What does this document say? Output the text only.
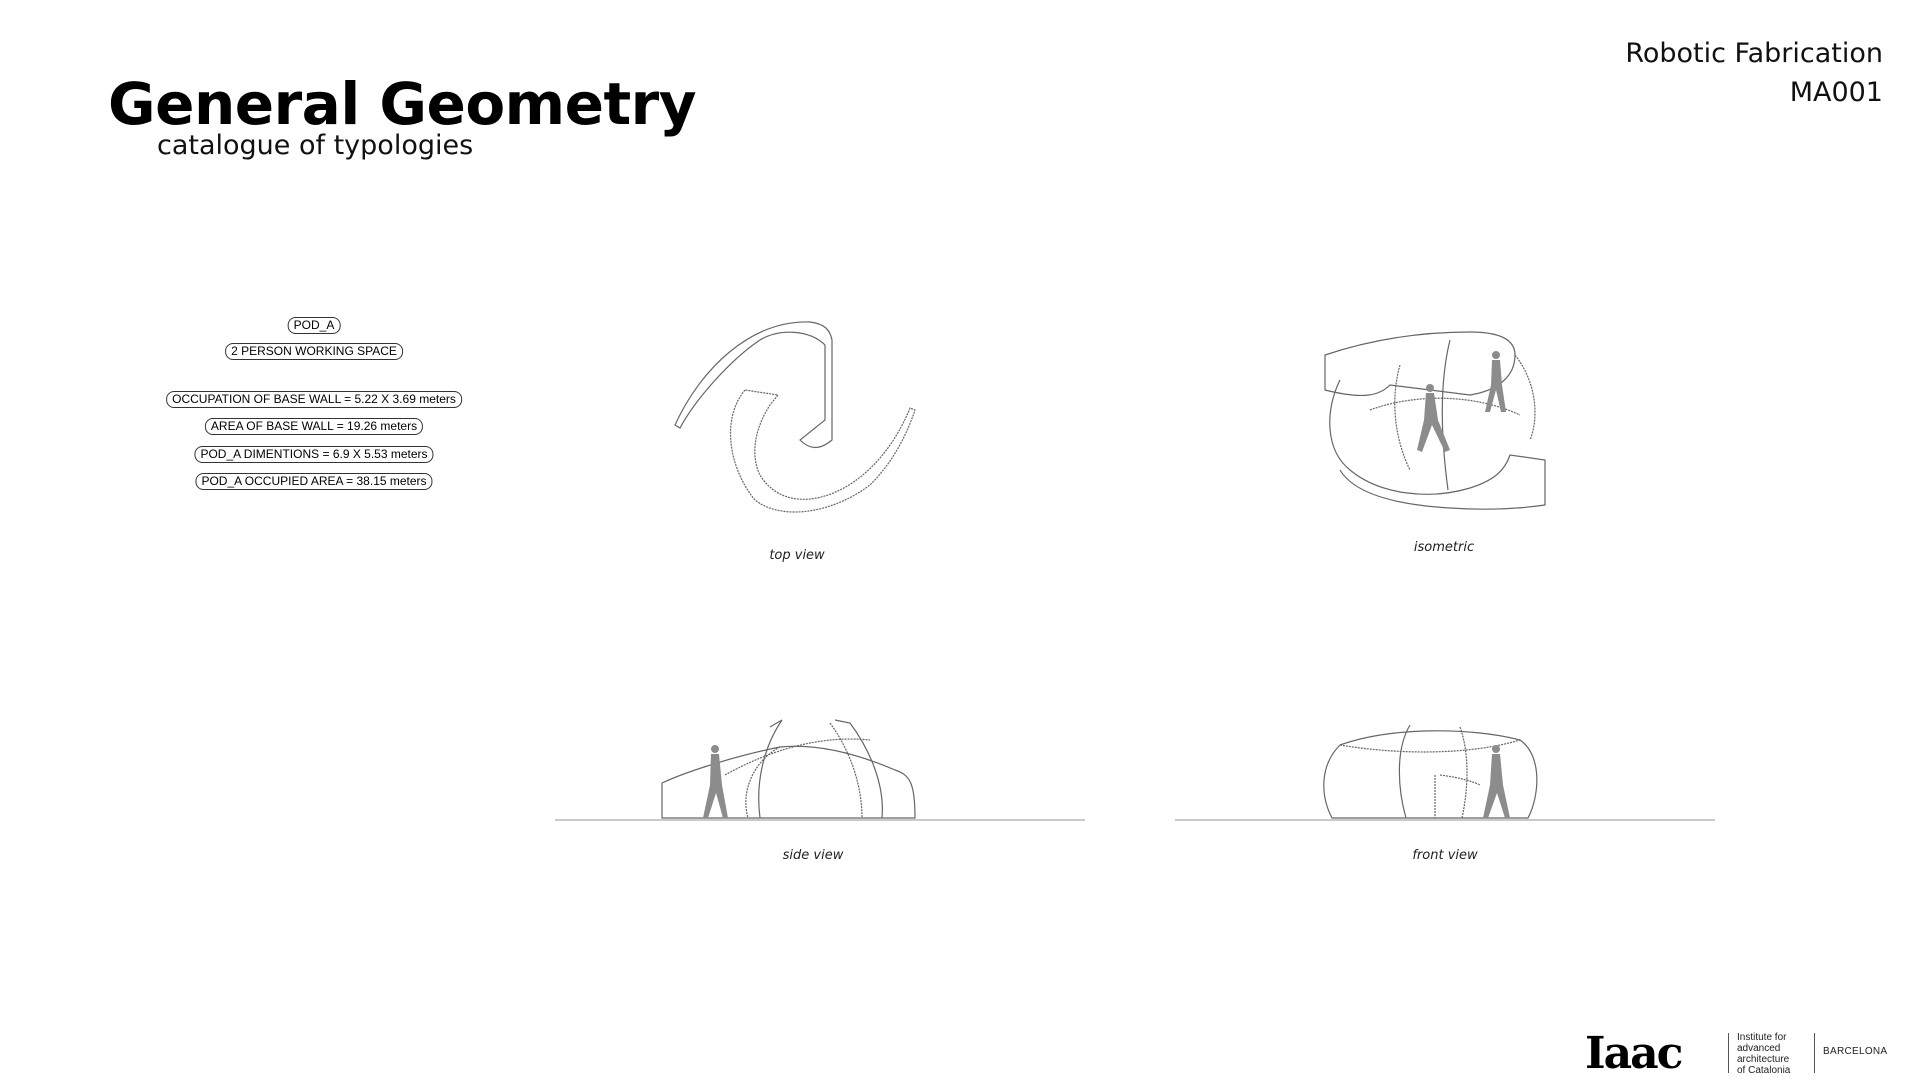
General Geometry
catalogue of typologies
Robotic Fabrication
MA001
POD_A
2 PERSON WORKING SPACE
OCCUPATION OF BASE WALL = 5.22 X 3.69 meters
AREA OF BASE WALL = 19.26 meters
POD_A DIMENTIONS = 6.9 X 5.53 meters
POD_A OCCUPIED AREA = 38.15 meters
top view
isometric
side view	front view
Iaac	Institute for
advanced
architecture
of Catalonia
BARCELONA
